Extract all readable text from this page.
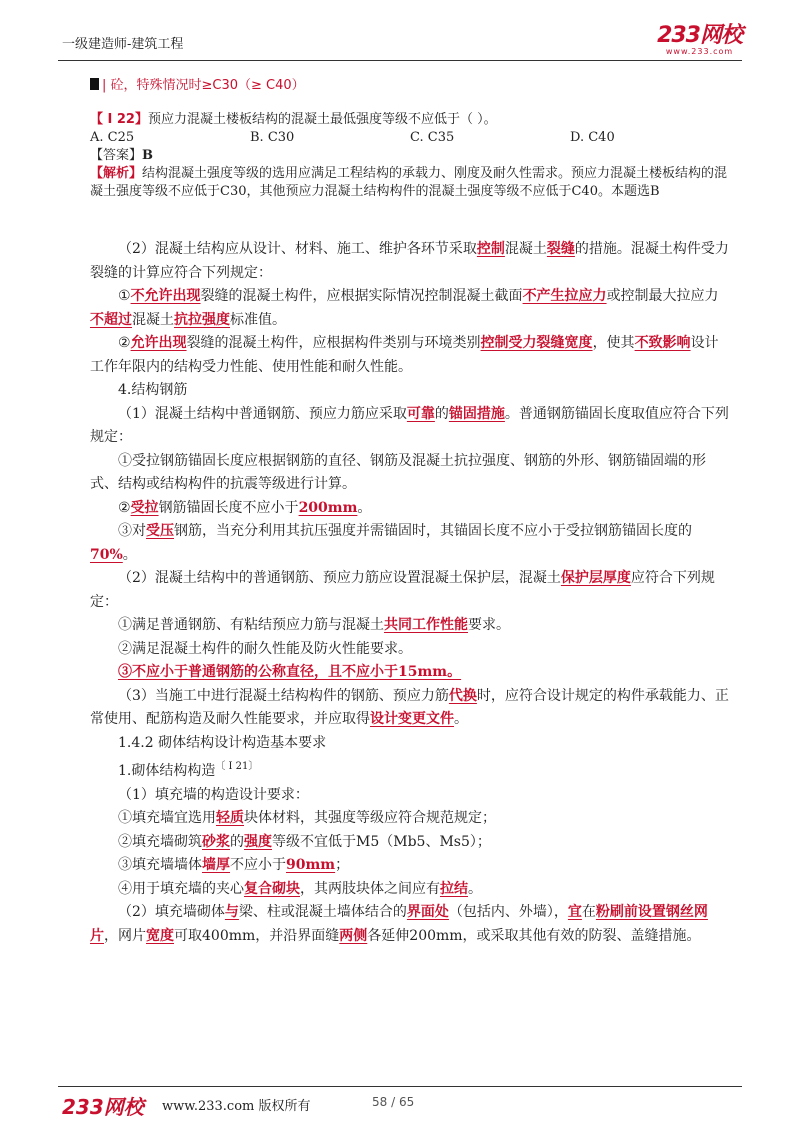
一级建造师-建筑工程	233网校
www.233.com
| 砼，特殊情况时≥C30（≥ C40）
【 I 22】预应力混凝土楼板结构的混凝土最低强度等级不应低于（ ）。
A. C25	B. C30	C. C35	D. C40
【答案】B
【解析】结构混凝土强度等级的选用应满足工程结构的承载力、刚度及耐久性需求。预应力混凝土楼板结构的混凝土强度等级不应低于C30，其他预应力混凝土结构构件的混凝土强度等级不应低于C40。本题选B

（2）混凝土结构应从设计、材料、施工、维护各环节采取控制混凝土裂缝的措施。混凝土构件受力裂缝的计算应符合下列规定：

①不允许出现裂缝的混凝土构件，应根据实际情况控制混凝土截面不产生拉应力或控制最大拉应力不超过混凝土抗拉强度标准值。

②允许出现裂缝的混凝土构件，应根据构件类别与环境类别控制受力裂缝宽度，使其不致影响设计工作年限内的结构受力性能、使用性能和耐久性能。

4.结构钢筋

（1）混凝土结构中普通钢筋、预应力筋应采取可靠的锚固措施。普通钢筋锚固长度取值应符合下列规定：

①受拉钢筋锚固长度应根据钢筋的直径、钢筋及混凝土抗拉强度、钢筋的外形、钢筋锚固端的形式、结构或结构构件的抗震等级进行计算。

②受拉钢筋锚固长度不应小于200mm。

③对受压钢筋，当充分利用其抗压强度并需锚固时，其锚固长度不应小于受拉钢筋锚固长度的70%。

（2）混凝土结构中的普通钢筋、预应力筋应设置混凝土保护层，混凝土保护层厚度应符合下列规定：

①满足普通钢筋、有粘结预应力筋与混凝土共同工作性能要求。

②满足混凝土构件的耐久性能及防火性能要求。

③不应小于普通钢筋的公称直径，且不应小于15mm。

（3）当施工中进行混凝土结构构件的钢筋、预应力筋代换时，应符合设计规定的构件承载能力、正常使用、配筋构造及耐久性能要求，并应取得设计变更文件。

1.4.2 砌体结构设计构造基本要求

1.砌体结构构造$^{〔 I 21〕}$

（1）填充墙的构造设计要求：

①填充墙宜选用轻质块体材料，其强度等级应符合规范规定；

②填充墙砌筑砂浆的强度等级不宜低于M5（Mb5、Ms5）；

③填充墙墙体墙厚不应小于90mm；

④用于填充墙的夹心复合砌块，其两肢块体之间应有拉结。

（2）填充墙砌体与梁、柱或混凝土墙体结合的界面处（包括内、外墙），宜在粉刷前设置钢丝网片，网片宽度可取400mm，并沿界面缝两侧各延伸200mm，或采取其他有效的防裂、盖缝措施。

233网校 www.233.com 版权所有	58 / 65
